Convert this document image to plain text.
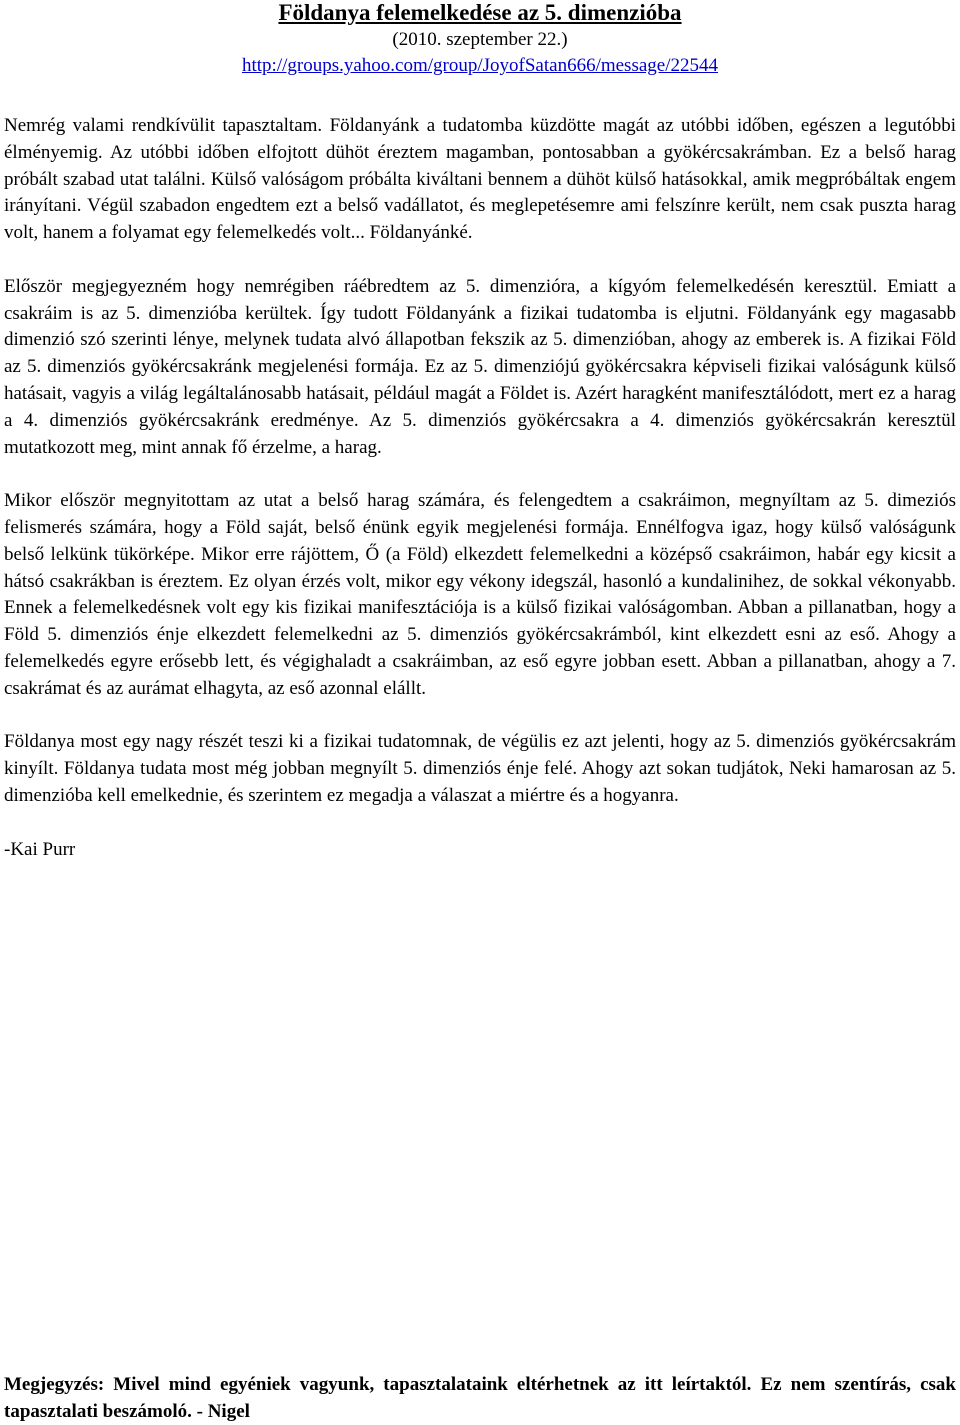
Földanya felemelkedése az 5. dimenzióba

(2010. szeptember 22.)

http://groups.yahoo.com/group/JoyofSatan666/message/22544

Nemrég valami rendkívülit tapasztaltam. Földanyánk a tudatomba küzdötte magát az utóbbi időben, egészen a legutóbbi élményemig. Az utóbbi időben elfojtott dühöt éreztem magamban, pontosabban a gyökércsakrámban. Ez a belső harag próbált szabad utat találni. Külső valóságom próbálta kiváltani bennem a dühöt külső hatásokkal, amik megpróbáltak engem irányítani. Végül szabadon engedtem ezt a belső vadállatot, és meglepetésemre ami felszínre került, nem csak puszta harag volt, hanem a folyamat egy felemelkedés volt... Földanyánké.

Először megjegyezném hogy nemrégiben ráébredtem az 5. dimenzióra, a kígyóm felemelkedésén keresztül. Emiatt a csakráim is az 5. dimenzióba kerültek. Így tudott Földanyánk a fizikai tudatomba is eljutni. Földanyánk egy magasabb dimenzió szó szerinti lénye, melynek tudata alvó állapotban fekszik az 5. dimenzióban, ahogy az emberek is. A fizikai Föld az 5. dimenziós gyökércsakránk megjelenési formája. Ez az 5. dimenziójú gyökércsakra képviseli fizikai valóságunk külső hatásait, vagyis a világ legáltalánosabb hatásait, például magát a Földet is. Azért haragként manifesztálódott, mert ez a harag a 4. dimenziós gyökércsakránk eredménye. Az 5. dimenziós gyökércsakra a 4. dimenziós gyökércsakrán keresztül mutatkozott meg, mint annak fő érzelme, a harag.

Mikor először megnyitottam az utat a belső harag számára, és felengedtem a csakráimon, megnyíltam az 5. dimeziós felismerés számára, hogy a Föld saját, belső énünk egyik megjelenési formája. Ennélfogva igaz, hogy külső valóságunk belső lelkünk tükörképe. Mikor erre rájöttem, Ő (a Föld) elkezdett felemelkedni a középső csakráimon, habár egy kicsit a hátsó csakrákban is éreztem. Ez olyan érzés volt, mikor egy vékony idegszál, hasonló a kundalinihez, de sokkal vékonyabb. Ennek a felemelkedésnek volt egy kis fizikai manifesztációja is a külső fizikai valóságomban. Abban a pillanatban, hogy a Föld 5. dimenziós énje elkezdett felemelkedni az 5. dimenziós gyökércsakrámból, kint elkezdett esni az eső. Ahogy a felemelkedés egyre erősebb lett, és végighaladt a csakráimban, az eső egyre jobban esett. Abban a pillanatban, ahogy a 7. csakrámat és az aurámat elhagyta, az eső azonnal elállt.

Földanya most egy nagy részét teszi ki a fizikai tudatomnak, de végülis ez azt jelenti, hogy az 5. dimenziós gyökércsakrám kinyílt. Földanya tudata most még jobban megnyílt 5. dimenziós énje felé. Ahogy azt sokan tudjátok, Neki hamarosan az 5. dimenzióba kell emelkednie, és szerintem ez megadja a válaszat a miértre és a hogyanra.

-Kai Purr

Megjegyzés: Mivel mind egyéniek vagyunk, tapasztalataink eltérhetnek az itt leírtaktól. Ez nem szentírás, csak tapasztalati beszámoló. - Nigel
